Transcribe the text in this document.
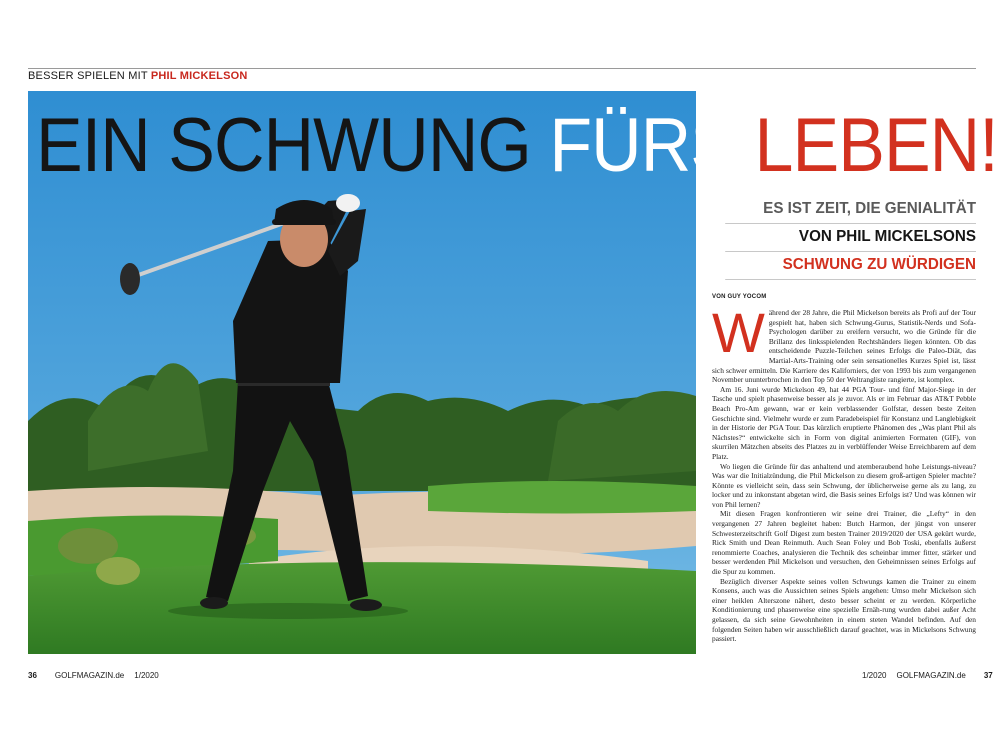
BESSER SPIELEN MIT PHIL MICKELSON
EIN SCHWUNG FÜRS LEBEN!
ES IST ZEIT, DIE GENIALITÄT
VON PHIL MICKELSONS
SCHWUNG ZU WÜRDIGEN
VON GUY YOCOM

Während der 28 Jahre, die Phil Mickelson bereits als Profi auf der Tour gespielt hat, haben sich Schwung-Gurus, Statistik-Nerds und Sofa-Psychologen darüber zu ereifern versucht, wo die Gründe für die Brillanz des linksspielenden Rechtshänders liegen könnten. Ob das entscheidende Puzzle-Teilchen seines Erfolgs die Paleo-Diät, das Martial-Arts-Training oder sein sensationelles Kurzes Spiel ist, lässt sich schwer ermitteln. Die Karriere des Kaliforniers, der von 1993 bis zum vergangenen November ununterbrochen in den Top 50 der Weltrangliste rangierte, ist komplex.

Am 16. Juni wurde Mickelson 49, hat 44 PGA Tour- und fünf Major-Siege in der Tasche und spielt phasenweise besser als je zuvor. Als er im Februar das AT&T Pebble Beach Pro-Am gewann, war er kein verblassender Golfstar, dessen beste Zeiten Geschichte sind. Vielmehr wurde er zum Paradebeispiel für Konstanz und Langlebigkeit in der Historie der PGA Tour. Das kürzlich eruptierte Phänomen des „Was plant Phil als Nächstes?“ entwickelte sich in Form von digital animierten Formaten (GIF), von skurrilen Mätzchen abseits des Platzes zu in verblüffender Weise Erreichbarem auf dem Platz.

Wo liegen die Gründe für das anhaltend und atemberaubend hohe Leistungs-niveau? Was war die Initialzündung, die Phil Mickelson zu diesem groß-artigen Spieler machte? Könnte es vielleicht sein, dass sein Schwung, der üblicherweise gerne als zu lang, zu locker und zu inkonstant abgetan wird, die Basis seines Erfolgs ist? Und was können wir von Phil lernen?

Mit diesen Fragen konfrontieren wir seine drei Trainer, die „Lefty“ in den vergangenen 27 Jahren begleitet haben: Butch Harmon, der jüngst von unserer Schwesterzeitschrift Golf Digest zum besten Trainer 2019/2020 der USA gekürt wurde, Rick Smith und Dean Reinmuth. Auch Sean Foley und Bob Toski, ebenfalls äußerst renommierte Coaches, analysieren die Technik des scheinbar immer fitter, stärker und besser werdenden Phil Mickelson und versuchen, den Geheimnissen seines Erfolgs auf die Spur zu kommen.

Bezüglich diverser Aspekte seines vollen Schwungs kamen die Trainer zu einem Konsens, auch was die Aussichten seines Spiels angehen: Umso mehr Mickelson sich einer heiklen Alterszone nähert, desto besser scheint er zu werden. Körperliche Konditionierung und phasenweise eine spezielle Ernäh-rung wurden dabei außer Acht gelassen, da sich seine Gewohnheiten in einem steten Wandel befinden. Auf den folgenden Seiten haben wir ausschließlich darauf geachtet, was in Mickelsons Schwung passiert.

36 GOLFMAGAZIN.de 1/2020	1/2020 GOLFMAGAZIN.de 37
